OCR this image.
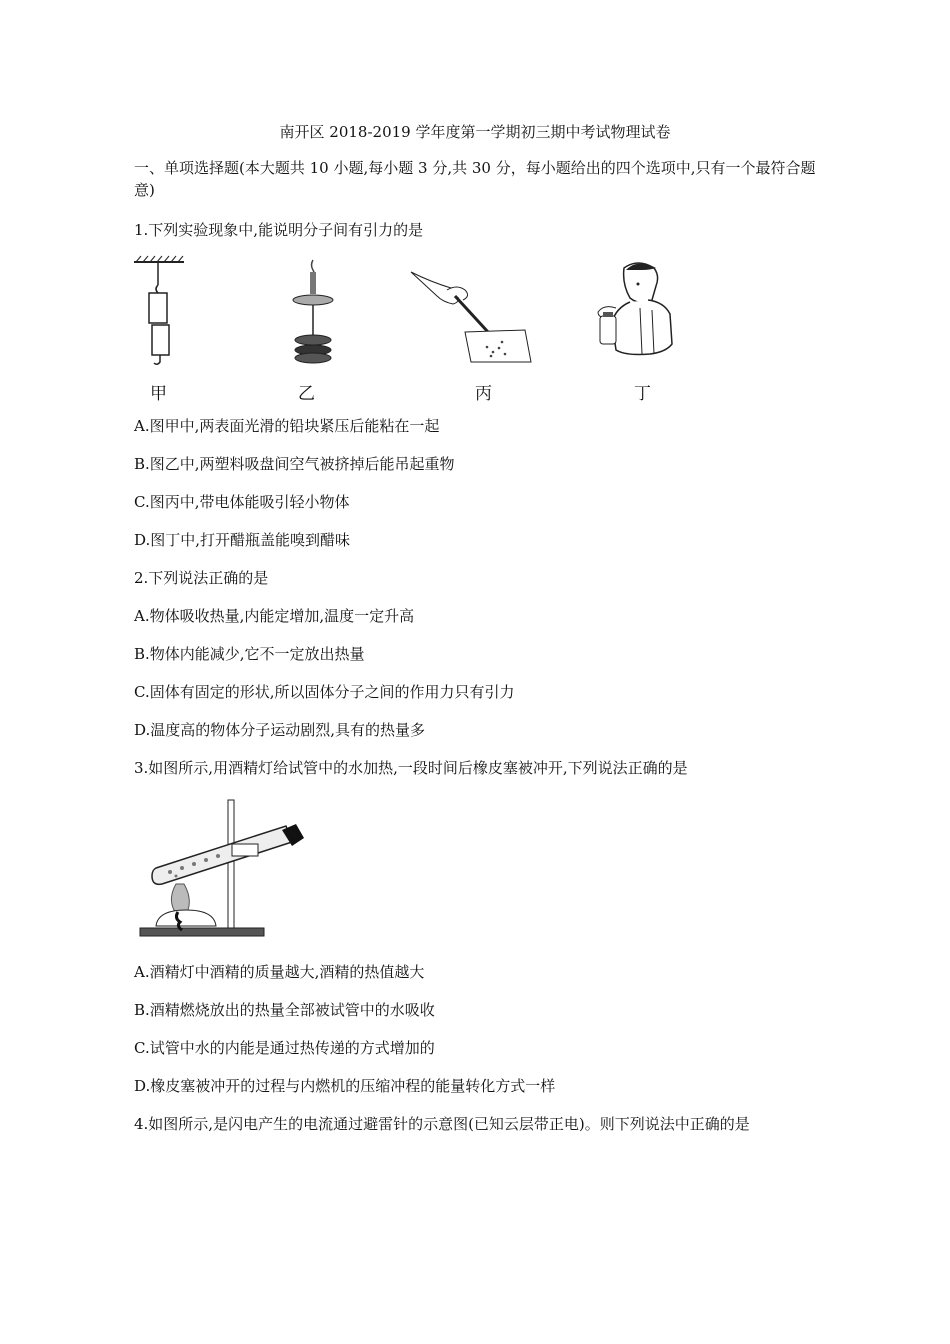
南开区 2018-2019 学年度第一学期初三期中考试物理试卷
一、单项选择题(本大题共 10 小题,每小题 3 分,共 30 分，每小题给出的四个选项中,只有一个最符合题意)
1.下列实验现象中,能说明分子间有引力的是
甲	乙	丙	丁
A.图甲中,两表面光滑的铅块紧压后能粘在一起
B.图乙中,两塑料吸盘间空气被挤掉后能吊起重物
C.图丙中,带电体能吸引轻小物体
D.图丁中,打开醋瓶盖能嗅到醋味
2.下列说法正确的是
A.物体吸收热量,内能定增加,温度一定升高
B.物体内能减少,它不一定放出热量
C.固体有固定的形状,所以固体分子之间的作用力只有引力
D.温度高的物体分子运动剧烈,具有的热量多
3.如图所示,用酒精灯给试管中的水加热,一段时间后橡皮塞被冲开,下列说法正确的是
A.酒精灯中酒精的质量越大,酒精的热值越大
B.酒精燃烧放出的热量全部被试管中的水吸收
C.试管中水的内能是通过热传递的方式增加的
D.橡皮塞被冲开的过程与内燃机的压缩冲程的能量转化方式一样
4.如图所示,是闪电产生的电流通过避雷针的示意图(已知云层带正电)。则下列说法中正确的是
